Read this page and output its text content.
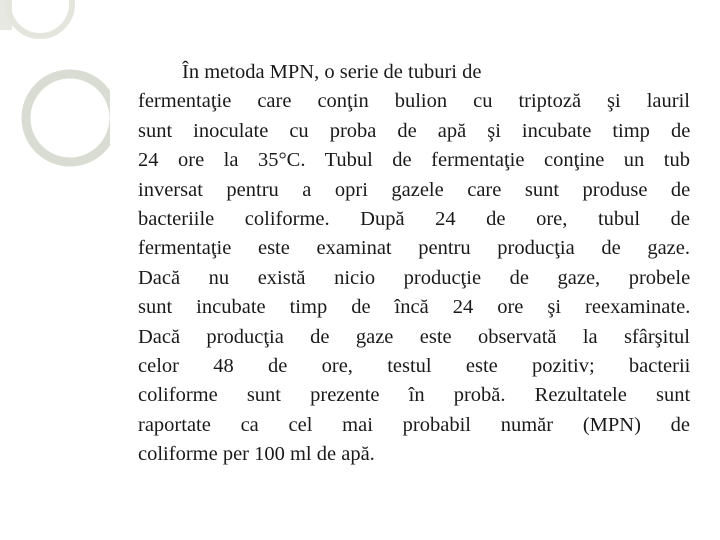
În metoda MPN, o serie de tuburi de
fermentaţie care conţin bulion cu triptoză şi lauril
sunt inoculate cu proba de apă şi incubate timp de
24 ore la 35°C. Tubul de fermentaţie conţine un tub
inversat pentru a opri gazele care sunt produse de
bacteriile coliforme. După 24 de ore, tubul de
fermentaţie este examinat pentru producţia de gaze.
Dacă nu există nicio producţie de gaze, probele
sunt incubate timp de încă 24 ore şi reexaminate.
Dacă producţia de gaze este observată la sfârşitul
celor 48 de ore, testul este pozitiv; bacterii
coliforme sunt prezente în probă. Rezultatele sunt
raportate ca cel mai probabil număr (MPN) de
coliforme per 100 ml de apă.
